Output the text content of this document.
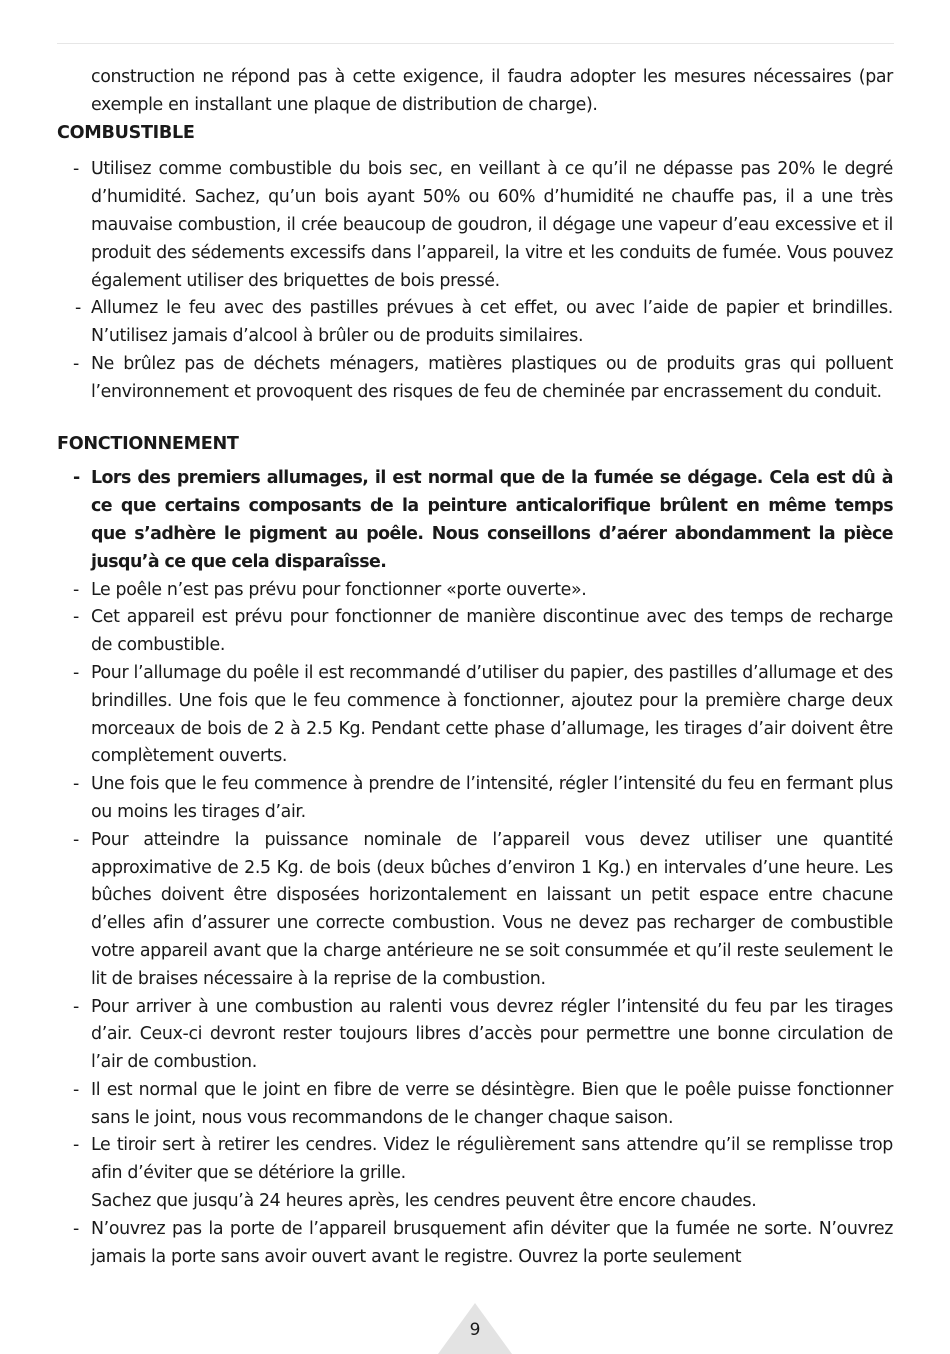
construction ne répond pas à cette exigence, il faudra adopter les mesures nécessaires (par exemple en installant une plaque de distribution de charge).

COMBUSTIBLE
- Utilisez comme combustible du bois sec, en veillant à ce qu’il ne dépasse pas 20% le degré d’humidité. Sachez, qu’un bois ayant 50% ou 60% d’humidité ne chauffe pas, il a une très mauvaise combustion, il crée beaucoup de goudron, il dégage une vapeur d’eau excessive et il produit des sédements excessifs dans l’appareil, la vitre et les conduits de fumée. Vous pouvez également utiliser des briquettes de bois pressé.
- Allumez le feu avec des pastilles prévues à cet effet, ou avec l’aide de papier et brindilles. N’utilisez jamais d’alcool à brûler ou de produits similaires.
- Ne brûlez pas de déchets ménagers, matières plastiques ou de produits gras qui polluent l’environnement et provoquent des risques de feu de cheminée par encrassement du conduit.
FONCTIONNEMENT
- Lors des premiers allumages, il est normal que de la fumée se dégage. Cela est dû à ce que certains composants de la peinture anticalorifique brûlent en même temps que s’adhère le pigment au poêle. Nous conseillons d’aérer abondamment la pièce jusqu’à ce que cela disparaîsse.
- Le poêle n’est pas prévu pour fonctionner «porte ouverte».
- Cet appareil est prévu pour fonctionner de manière discontinue avec des temps de recharge de combustible.
- Pour l’allumage du poêle il est recommandé d’utiliser du papier, des pastilles d’allumage et des brindilles. Une fois que le feu commence à fonctionner, ajoutez pour la première charge deux morceaux de bois de 2 à 2.5 Kg. Pendant cette phase d’allumage, les tirages d’air doivent être complètement ouverts.
- Une fois que le feu commence à prendre de l’intensité, régler l’intensité du feu en fermant plus ou moins les tirages d’air.
- Pour atteindre la puissance nominale de l’appareil vous devez utiliser une quantité approximative de 2.5 Kg. de bois (deux bûches d’environ 1 Kg.) en intervales d’une heure. Les bûches doivent être disposées horizontalement en laissant un petit espace entre chacune d’elles afin d’assurer une correcte combustion. Vous ne devez pas recharger de combustible votre appareil avant que la charge antérieure ne se soit consummée et qu’il reste seulement le lit de braises nécessaire à la reprise de la combustion.
- Pour arriver à une combustion au ralenti vous devrez régler l’intensité du feu par les tirages d’air. Ceux-ci devront rester toujours libres d’accès pour permettre une bonne circulation de l’air de combustion.
- Il est normal que le joint en fibre de verre se désintègre. Bien que le poêle puisse fonctionner sans le joint, nous vous recommandons de le changer chaque saison.
- Le tiroir sert à retirer les cendres. Videz le régulièrement sans attendre qu’il se remplisse trop afin d’éviter que se détériore la grille.
Sachez que jusqu’à 24 heures après, les cendres peuvent être encore chaudes.
- N’ouvrez pas la porte de l’appareil brusquement afin déviter que la fumée ne sorte. N’ouvrez jamais la porte sans avoir ouvert avant le registre. Ouvrez la porte seulement
9
